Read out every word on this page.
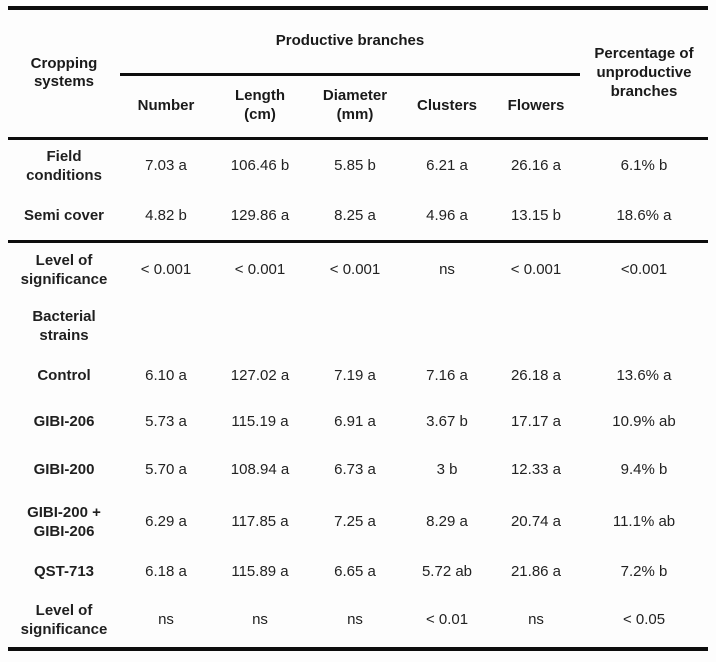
Cropping systems	Productive branches					Percentage of unproductive branches
	Number	Length (cm)	Diameter (mm)	Clusters	Flowers	
Field conditions	7.03 a	106.46 b	5.85 b	6.21 a	26.16 a	6.1% b
Semi cover	4.82 b	129.86 a	8.25 a	4.96 a	13.15 b	18.6% a
Level of significance	< 0.001	< 0.001	< 0.001	ns	< 0.001	<0.001
Bacterial strains						
Control	6.10 a	127.02 a	7.19 a	7.16 a	26.18 a	13.6% a
GIBI-206	5.73 a	115.19 a	6.91 a	3.67 b	17.17 a	10.9% ab
GIBI-200	5.70 a	108.94 a	6.73 a	3 b	12.33 a	9.4% b
GIBI-200 + GIBI-206	6.29 a	117.85 a	7.25 a	8.29 a	20.74 a	11.1% ab
QST-713	6.18 a	115.89 a	6.65 a	5.72 ab	21.86 a	7.2% b
Level of significance	ns	ns	ns	< 0.01	ns	< 0.05
